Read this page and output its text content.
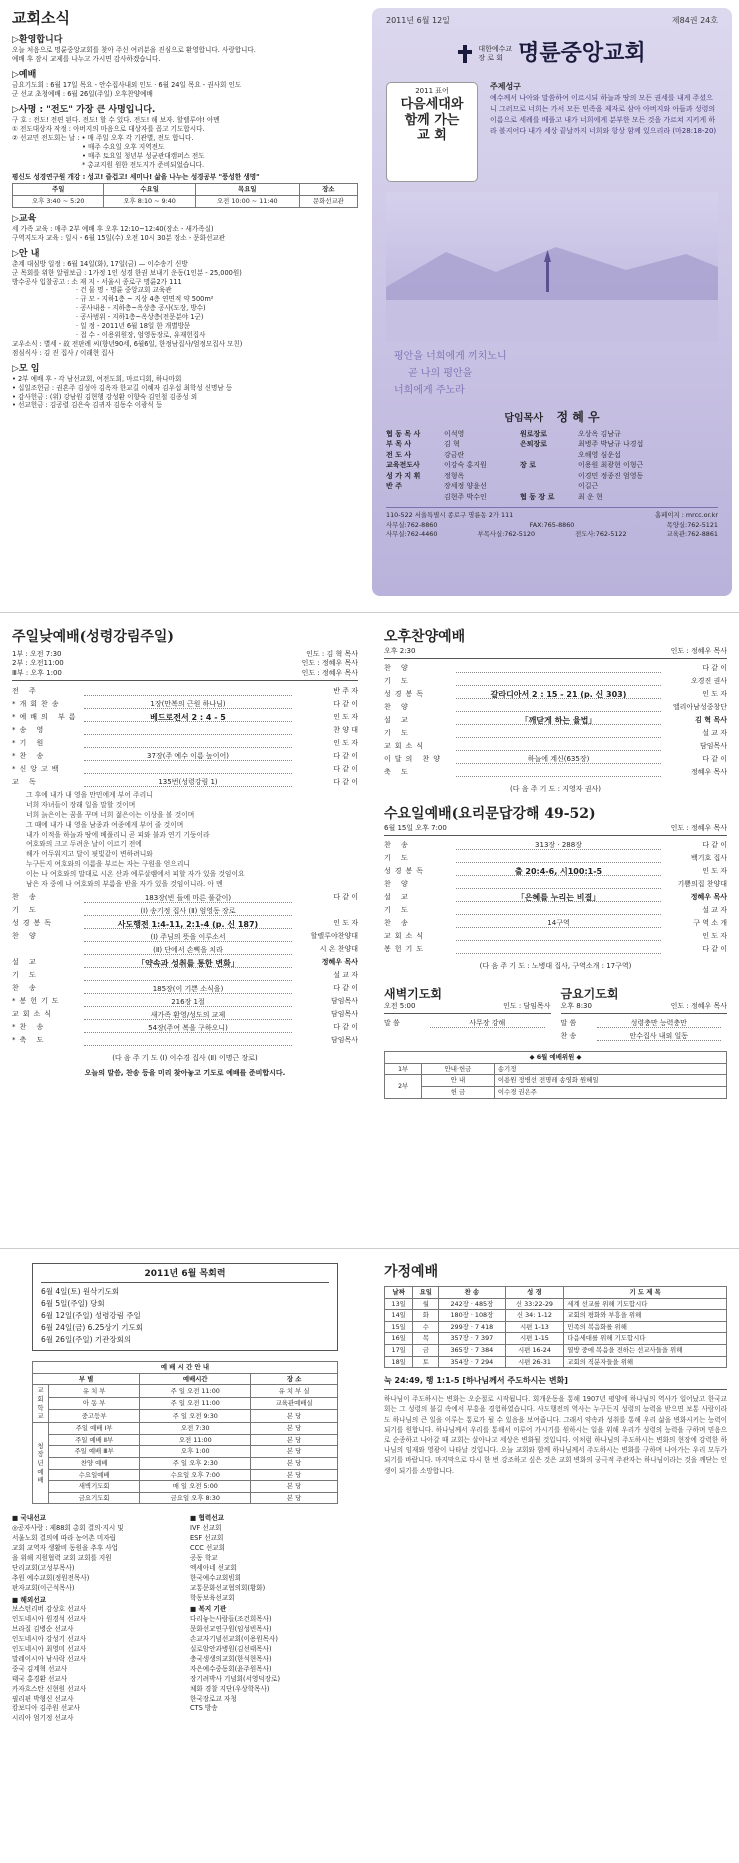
교회소식
▷환영합니다
오늘 처음으로 명륜중앙교회를 찾아 주신 여러분을 진심으로 환영합니다. 사랑합니다.
예배 후 잠시 교제를 나누고 가시면 감사하겠습니다.
▷예배
금요기도회 : 6월 17일 목요 - 안수집사내외 인도 · 6월 24일 목요 - 권사회 인도
군 선교 초청예배 : 6월 26일(주일) 오후찬양예배
▷사명 : "전도" 가장 큰 사명입니다.
구 호 : 전도! 전편 된다. 전도! 할 수 있다. 전도! 해 보자. 할렐루야! 아멘
① 전도대상자 작정 : 아버지의 마음으로 대상자를 꼽고 기도합시다.
② 선교민 전도회는 날 : • 매 주일 오후 각 기관별, 전도 합니다.
• 매주 수요일 오후 지역전도
• 매주 토요일 청년부 성균관대캠퍼스 전도
* 총교지원 원한 전도지가 준비되었습니다.
평신도 성경연구원 개강 : 성고! 즐겁고! 세미나! 삶을 나누는 성경공부 "풍성한 생명"
주일	수요일	목요일	장소
오후 3:40 ~ 5:20	오후 8:10 ~ 9:40	오전 10:00 ~ 11:40	문화선교관
▷교육
세 가족 교육 : 매주 2부 예배 후 오후 12:10~12:40(장소 - 새가족실)
구역지도자 교육 : 일시 - 6월 15일(수) 오전 10시 30분 장소 - 문화선교관
▷안 내
춘계 대심방 일정 : 6월 14일(화), 17일(금) — 이수송기 신방
군 목회를 위한 알림보급 : 1가정 1인 성경 한권 보내기 운동(1인분 - 25,000원)
방수공사 입찰공고 : 소 재 지 - 서울시 종로구 명륜2가 111
· 건 물 명 - 명륜 중앙교회 교육관
· 규 모 - 지하1층 ~ 지상 4층 연면적 약 500m²
· 공사내용 - 지하층~옥상층 공사(도장, 방수)
· 공사범위 - 지하1층~옥상층(전문분야 1군)
· 일 정 - 2011년 6월 18일 한 개별방문
· 접 수 - 이용위원장, 엄영동장로, 유재헌집사
교우소식 : 별세 - 故 전판례 씨(향년90세, 6월6일, 한정남집사/엄정모집사 모친)
점심식사 : 김 진 집사 / 이래현 집사
▷모 임
• 2부 예배 후 - 각 남선교회, 여전도회, 마르디회, 하나마회
• 십일조헌금 : 권혼주 김성아 김옥자 한교길 이혜자 김우섭 최학성 신명남 등
• 감사헌금 : (위) 강남원 김현행 강성환 이향숙 김인철 김종성 외
• 선교헌금 : 김공렬 김은숙 김귀자 김동수 이광식 등
2011년 6월 12일	제84권 24호
대한예수교
장 로 회 명륜중앙교회
2011 표어
다음세대와
함께 가는
교 회
주제성구
예수께서 나아와 말씀하여 이르시되 하늘과 땅의 모든 권세를 내게 주셨으니 그러므로 너희는 가서 모든 민족을 제자로 삼아 아버지와 아들과 성령의 이름으로 세례를 베풀고 내가 너희에게 분부한 모든 것을 가르쳐 지키게 하라 볼지어다 내가 세상 끝날까지 너희와 항상 함께 있으리라 (마28:18-20)
평안을 너희에게 끼치노니
곧 나의 평안을
너희에게 주노라
담임목사 정 혜 우
협 동 목 사	이석영	원로장로	오상옥 김남규
부 목 사	김 혁	은퇴장로	최병주 박남규 나경섭
전 도 사	강금란	오해영 심운섭
교육전도사	이강숙 홍지원	장 로	이용원 최광현 이형근
성 가 지 휘	정형옥	이경민 정종진 엄영동
반 주	장세정 양윤선	이길근
김현주 박수인	협 동 장 로	최 운 현
110-522 서울특별시 종로구 명륜동 2가 111	홈페이지 : mrcc.or.kr
사무실:762-8860	FAX:765-8860	목양실:762-5121
사무실:762-4460	부목사실:762-5120	전도사:762-5122	교육관:762-8861
주일낮예배(성령강림주일)
1부 : 오전 7:30	인도 : 김 혁 목사
2부 : 오전11:00	인도 : 정혜우 목사
Ⅲ부 : 오후 1:00	인도 : 정혜우 목사
전 주	반 주 자
*개회찬송	1장(만복의 근원 하나님)	다 같 이
*예배의 부름	베드로전서 2 : 4 - 5	인 도 자
*송 영	찬 양 대
*기 원	인 도 자
*찬 송	37장(주 예수 이름 높이어)	다 같 이
*신앙고백	다 같 이
교 독	135번(성령강림 1)	다 같 이
그 후에 내가 내 영을 만민에게 부어 주리니
너희 자녀들이 장래 일을 말할 것이며
너희 늙은이는 꿈을 꾸며 너희 젊은이는 이상을 볼 것이며
그 때에 내가 내 영을 남종과 여종에게 부어 줄 것이며
내가 이적을 하늘과 땅에 베풀리니 곧 피와 불과 연기 기둥이라
여호와의 크고 두려운 날이 이르기 전에
해가 어두워지고 달이 핏빛같이 변하려니와
누구든지 여호와의 이름을 부르는 자는 구원을 얻으리니
이는 나 여호와의 말대로 시온 산과 예루살렘에서 피할 자가 있을 것임이요
남은 자 중에 나 여호와의 부름을 받을 자가 있을 것임이니라. 아 멘
찬 송	183장(빈 들에 마른 풀같이)	다 같 이
기 도	(Ⅰ) 송기정 집사 (Ⅱ) 엄영동 장로
성경봉독	사도행전 1:4-11, 2:1-4 (p. 신 187)	인 도 자
찬 양	(Ⅰ) 주님의 뜻을 이루소서	할렐루야찬양대
(Ⅱ) 단에서 손뼉을 치라	시 온 찬양대
설 교	「약속과 성취를 통한 변화」	정혜우 목사
기 도	설 교 자
찬 송	185장(이 기쁜 소식을)	다 같 이
*봉헌기도	216장 1절	담임목사
교회소식	새가족 환영/성도의 교제	담임목사
*찬 송	54장(주여 복을 구하오니)	다 같 이
*축 도	담임목사
(다 음 주 기 도 (Ⅰ) 이수경 집사 (Ⅱ) 이명근 장로)
오늘의 말씀, 찬송 등을 미리 찾아놓고 기도로 예배를 준비합시다.
오후찬양예배
오후 2:30	인도 : 정혜우 목사
찬 양	다 같 이
기 도	오경진 권사
성경봉독	갈라디아서 2 : 15 - 21 (p. 신 303)	인 도 자
찬 양	엘리아남성중창단
설 교	「깨닫게 하는 율법」	김 혁 목사
기 도	설 교 자
교회소식	담임목사
이달의 찬양	하늘에 계신(635장)	다 같 이
축 도	정혜우 목사
(다 음 주 기 도 : 지영자 권사)
수요일예배(요리문답강해 49-52)
6월 15일 오후 7:00	인도 : 정혜우 목사
찬 송	313장 · 288장	다 같 이
기 도	백기호 집사
성경봉독	출 20:4-6, 시100:1-5	인 도 자
찬 양	기쁨의집 찬양대
설 교	「은혜를 누리는 비결」	정혜우 목사
기 도	설 교 자
찬 송	14구역	구 역 소 개
교회소식	인 도 자
봉헌기도	다 같 이
(다 음 주 기 도 : 노병대 집사, 구역소개 : 17구역)
새벽기도회
오전 5:00	인도 : 담임목사
말 씀	사무장 강해
금요기도회
오후 8:30	인도 : 정혜우 목사
말 씀	성령충만 능력충만
찬 송	안수집사 내외 일동
◆ 6월 예배위원 ◆		
1부	안내·헌금	송기정
2부	안 내	이용원 정병선 전명레 송영화 원혜일
	헌 금	이수경 권은주
2011년 6월 목회력
6월 4일(토) 원삭기도회
6월 5일(주일) 당회
6월 12일(주일) 성령강림 주일
6월 24일(금) 6.25상기 기도회
6월 26일(주일) 기관장회의
예 배 시 간 안 내			
부 별		예배시간	장 소
교회학교	유 치 부	주 일 오전 11:00	유 치 부 실
	아 동 부	주 일 오전 11:00	교육관예배실
	중고등부	주 일 오전 9:30	본 당
청장년예배	주일 예배 Ⅰ부	오전 7:30	본 당
	주일 예배 Ⅱ부	오전 11:00	본 당
	주일 예배 Ⅲ부	오후 1:00	본 당
	찬양 예배	주 일 오후 2:30	본 당
	수요일예배	수요일 오후 7:00	본 당
	새벽기도회	매 일 오전 5:00	본 당
	금요기도회	금요일 오후 8:30	본 당
■ 국내선교
◎공자사랑 : 제88회 총회 결의·지시 및
서울노회 결의에 따라 농어촌 미자립
교회 교역자 생활비 동원을 추후 사업
을 위해 지원협력 교회 교회를 지원
단리교회(고성부목사)
추원 예수교회(정원전목사)
판자교회(이근석목사)
■ 해외선교
보스턴리버 감상호 선교사
인도네시아 원경석 선교사
브라질 김병순 선교사
인도네시아 강성기 선교사
인도네시아 최영미 선교사
말레이시아 남사락 선교사
중국 김계혁 선교사
태국 홍경환 선교사
카자흐스탄 신현원 선교사
필리핀 박형신 선교사
캄보디아 김주원 선교사
시리아 엄기정 선교사
■ 협력선교
IVF 선교회
ESF 선교회
CCC 선교회
공동 학교
엑세아네 선교회
한국예수교회빔회
교통문화선교협의회(황화)
학동보육선교회
■ 복지 기관
다리놓는사람들(조건희목사)
문화선교연구원(임성빈목사)
손교자기념선교회(이용원목사)
실로암안과병원(김선태목사)
충국생생의교회(한석현목사)
자은예수중동회(윤주원목사)
장기려박사 기념회(서영덕장로)
체화 경찰 지단(우상학목사)
한국장로교 자청
CTS 방송
가정예배
날짜	요일	찬 송	성 경	기 도 제 목
13일	월	242장 · 485장	신 33:22-29	세계 선교를 위해 기도합시다
14일	화	180장 · 108장	신 34: 1-12	교회의 평화와 부흥을 위해
15일	수	299장 · 7 418	시편 1-13	민족의 복음화를 위해
16일	목	357장 · 7 397	시편 1-15	다음세대를 위해 기도합시다
17일	금	365장 · 7 384	시편 16-24	열방 중에 복음을 전하는 선교사들을 위해
18일	토	354장 · 7 294	시편 26-31	교회의 직분자들을 위해
눅 24:49, 행 1:1-5 [하나님께서 주도하시는 변화]
하나님이 주도하시는 변화는 오순절로 시작됩니다. 회개운동을 통해 1907년 평양에 하나님의 역사가 일어났고 한국교회는 그 성령의 불길 속에서 부흥을 경험하였습니다. 사도행전의 역사는 누구든지 성령의 능력을 받으면 보통 사람이라도 하나님의 큰 일을 이루는 통로가 될 수 있음을 보여줍니다. 그래서 약속과 성취를 통해 우리 삶을 변화시키는 능력이 되기를 원합니다. 하나님께서 우리를 통해서 이루어 가시기를 원하시는 일을 위해 우리가 성령의 능력을 구하며 믿음으로 순종하고 나아갈 때 교회는 살아나고 세상은 변화될 것입니다. 이처럼 하나님의 주도하시는 변화의 현장에 강력한 하나님의 임재와 영광이 나타날 것입니다. 오늘 교회와 함께 하나님께서 주도하시는 변화를 구하며 나아가는 우리 모두가 되기를 바랍니다. 마지막으로 다시 한 번 강조하고 싶은 것은 교회 변화의 궁극적 주관자는 하나님이라는 것을 깨닫는 인생이 되기를 소망합니다.
